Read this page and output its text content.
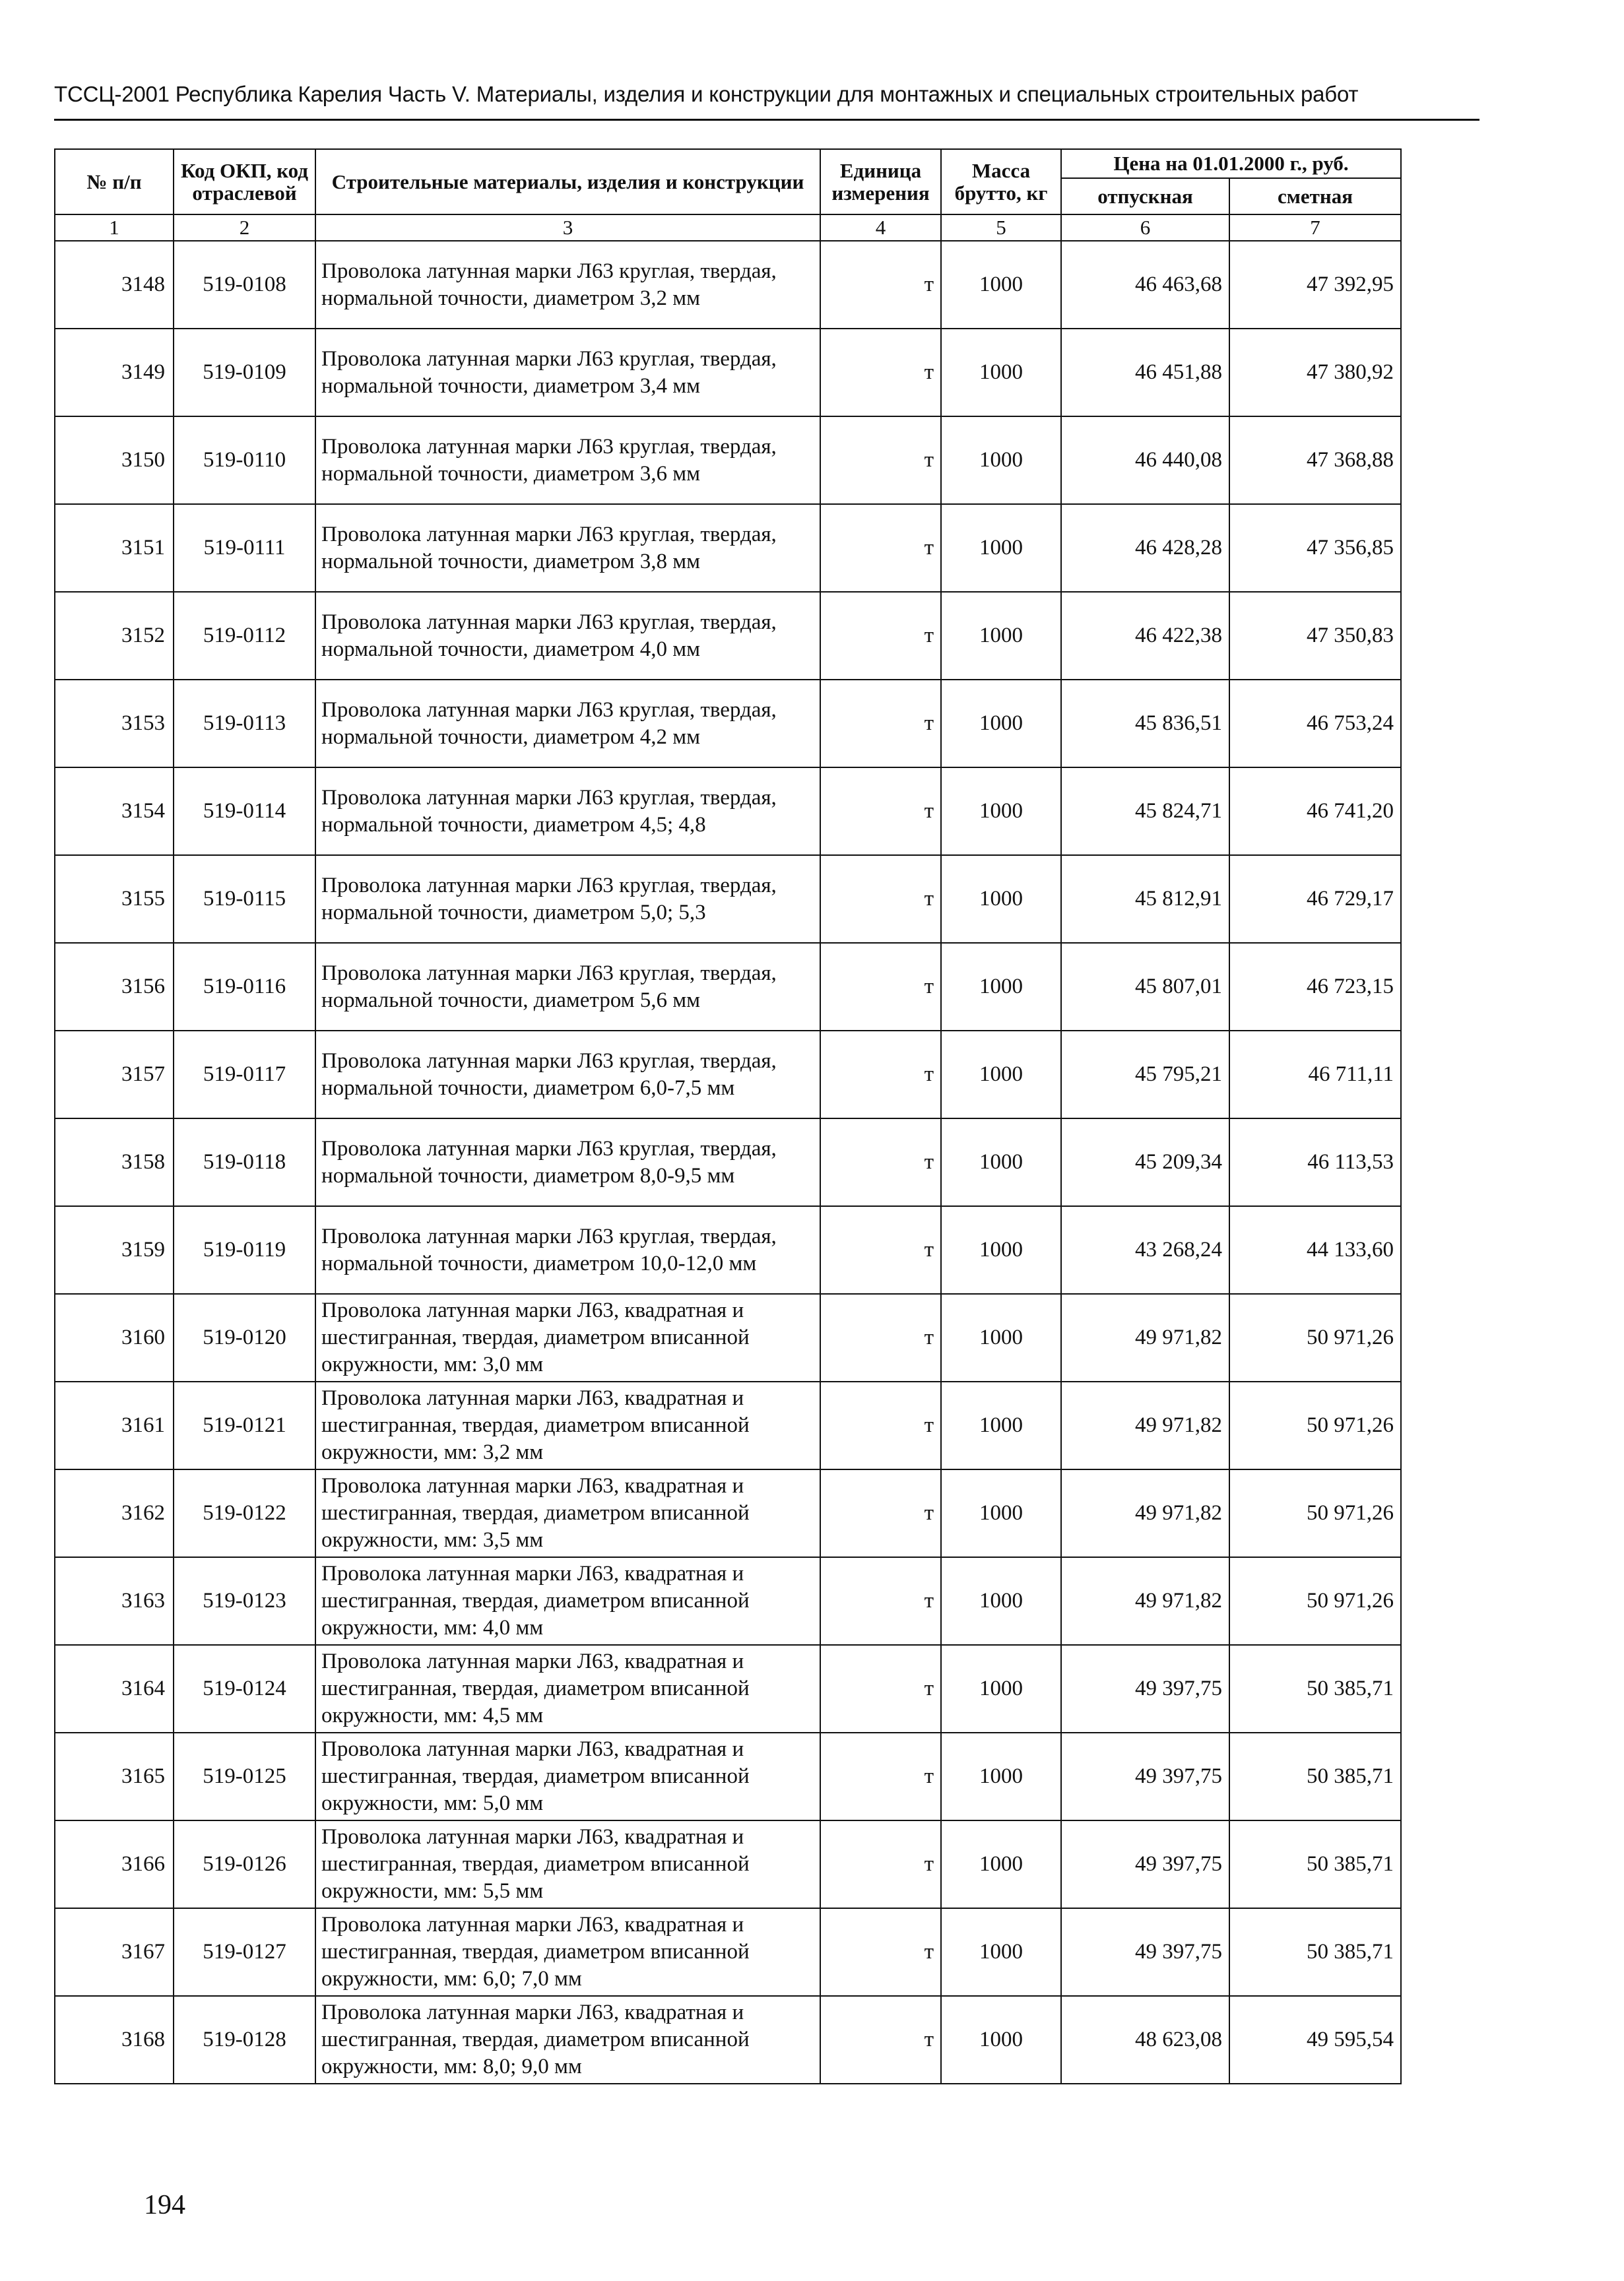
ТССЦ-2001 Республика Карелия Часть V. Материалы, изделия и конструкции для монтажных и специальных строительных работ
№ п/п	Код ОКП, код отраслевой	Строительные материалы, изделия и конструкции	Единица измерения	Масса брутто, кг	Цена на 01.01.2000 г., руб.	
					отпускная	сметная
1	2	3	4	5	6	7
3148	519-0108	Проволока латунная марки Л63 круглая, твердая, нормальной точности, диаметром 3,2 мм	т	1000	46 463,68	47 392,95
3149	519-0109	Проволока латунная марки Л63 круглая, твердая, нормальной точности, диаметром 3,4 мм	т	1000	46 451,88	47 380,92
3150	519-0110	Проволока латунная марки Л63 круглая, твердая, нормальной точности, диаметром 3,6 мм	т	1000	46 440,08	47 368,88
3151	519-0111	Проволока латунная марки Л63 круглая, твердая, нормальной точности, диаметром 3,8 мм	т	1000	46 428,28	47 356,85
3152	519-0112	Проволока латунная марки Л63 круглая, твердая, нормальной точности, диаметром 4,0 мм	т	1000	46 422,38	47 350,83
3153	519-0113	Проволока латунная марки Л63 круглая, твердая, нормальной точности, диаметром 4,2 мм	т	1000	45 836,51	46 753,24
3154	519-0114	Проволока латунная марки Л63 круглая, твердая, нормальной точности, диаметром 4,5; 4,8	т	1000	45 824,71	46 741,20
3155	519-0115	Проволока латунная марки Л63 круглая, твердая, нормальной точности, диаметром 5,0; 5,3	т	1000	45 812,91	46 729,17
3156	519-0116	Проволока латунная марки Л63 круглая, твердая, нормальной точности, диаметром 5,6 мм	т	1000	45 807,01	46 723,15
3157	519-0117	Проволока латунная марки Л63 круглая, твердая, нормальной точности, диаметром 6,0-7,5 мм	т	1000	45 795,21	46 711,11
3158	519-0118	Проволока латунная марки Л63 круглая, твердая, нормальной точности, диаметром 8,0-9,5 мм	т	1000	45 209,34	46 113,53
3159	519-0119	Проволока латунная марки Л63 круглая, твердая, нормальной точности, диаметром 10,0-12,0 мм	т	1000	43 268,24	44 133,60
3160	519-0120	Проволока латунная марки Л63, квадратная и шестигранная, твердая, диаметром вписанной окружности, мм: 3,0 мм	т	1000	49 971,82	50 971,26
3161	519-0121	Проволока латунная марки Л63, квадратная и шестигранная, твердая, диаметром вписанной окружности, мм: 3,2 мм	т	1000	49 971,82	50 971,26
3162	519-0122	Проволока латунная марки Л63, квадратная и шестигранная, твердая, диаметром вписанной окружности, мм: 3,5 мм	т	1000	49 971,82	50 971,26
3163	519-0123	Проволока латунная марки Л63, квадратная и шестигранная, твердая, диаметром вписанной окружности, мм: 4,0 мм	т	1000	49 971,82	50 971,26
3164	519-0124	Проволока латунная марки Л63, квадратная и шестигранная, твердая, диаметром вписанной окружности, мм: 4,5 мм	т	1000	49 397,75	50 385,71
3165	519-0125	Проволока латунная марки Л63, квадратная и шестигранная, твердая, диаметром вписанной окружности, мм: 5,0 мм	т	1000	49 397,75	50 385,71
3166	519-0126	Проволока латунная марки Л63, квадратная и шестигранная, твердая, диаметром вписанной окружности, мм: 5,5 мм	т	1000	49 397,75	50 385,71
3167	519-0127	Проволока латунная марки Л63, квадратная и шестигранная, твердая, диаметром вписанной окружности, мм: 6,0; 7,0 мм	т	1000	49 397,75	50 385,71
3168	519-0128	Проволока латунная марки Л63, квадратная и шестигранная, твердая, диаметром вписанной окружности, мм: 8,0; 9,0 мм	т	1000	48 623,08	49 595,54
194
